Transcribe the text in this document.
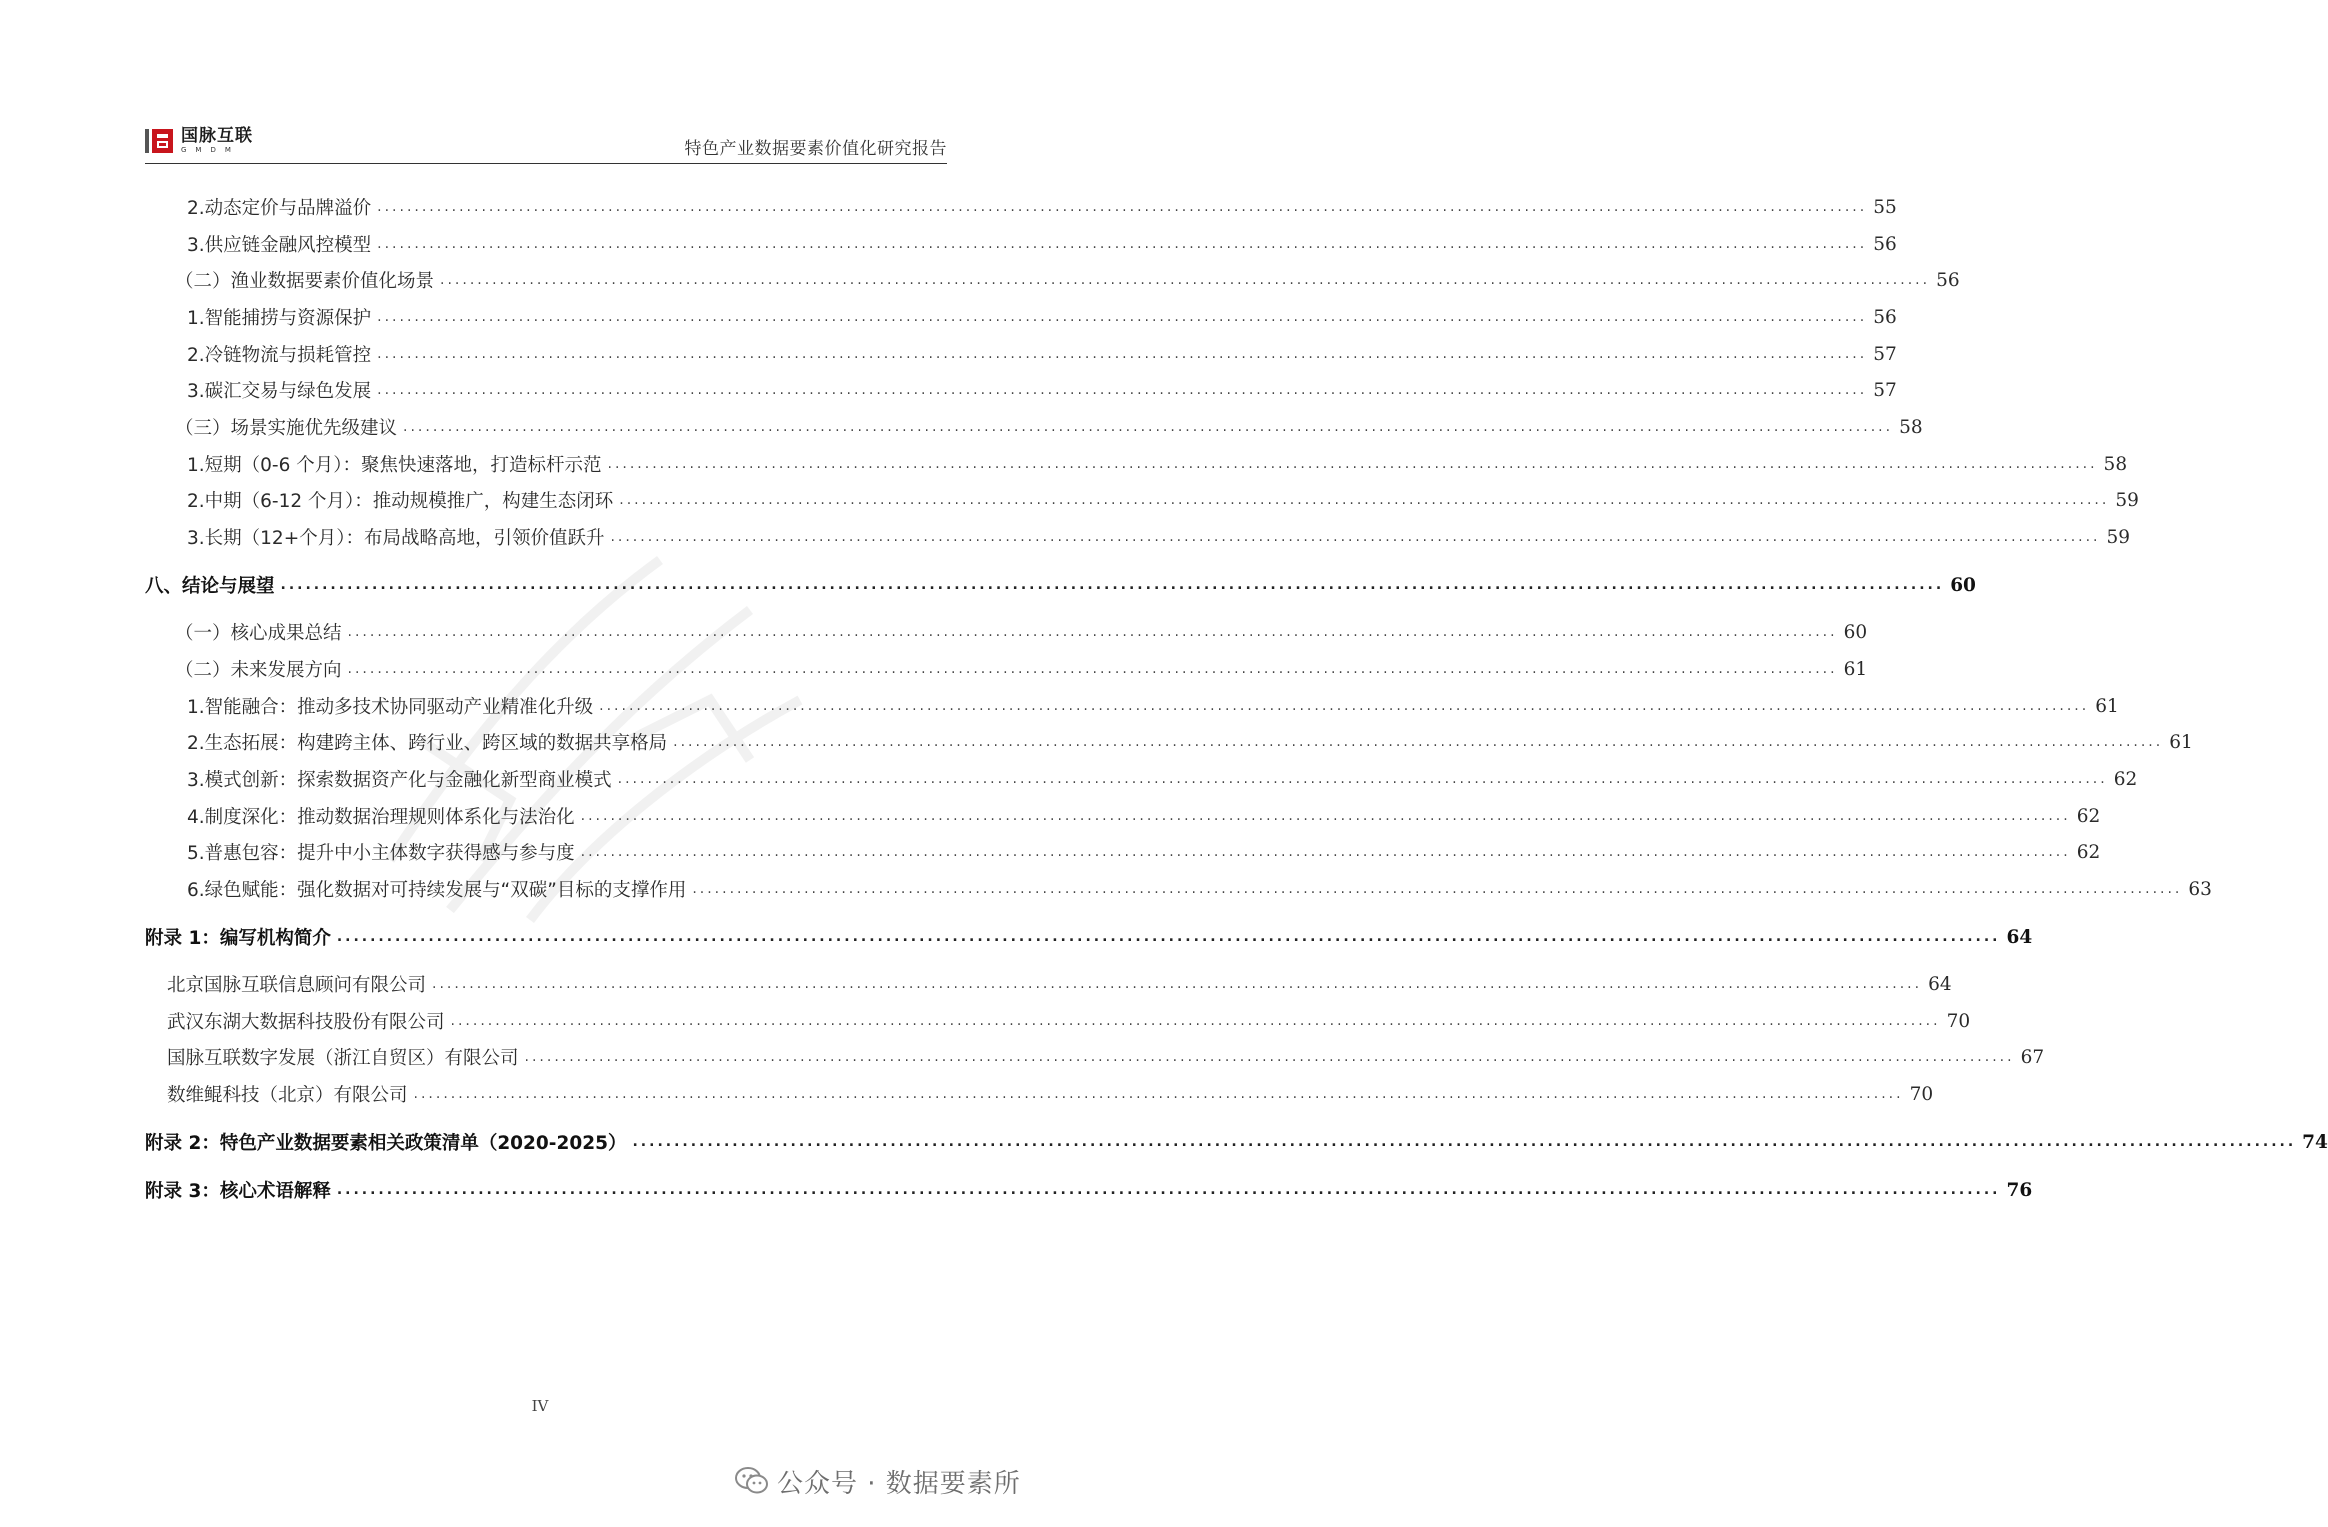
国脉互联
GMDM	特色产业数据要素价值化研究报告
2.动态定价与品牌溢价 ........................................................................................................................................................................................................ 55
3.供应链金融风控模型 ........................................................................................................................................................................................................ 56
（二）渔业数据要素价值化场景 ........................................................................................................................................................................................................ 56
1.智能捕捞与资源保护 ........................................................................................................................................................................................................ 56
2.冷链物流与损耗管控 ........................................................................................................................................................................................................ 57
3.碳汇交易与绿色发展 ........................................................................................................................................................................................................ 57
（三）场景实施优先级建议 ........................................................................................................................................................................................................ 58
1.短期（0-6 个月）：聚焦快速落地，打造标杆示范 ........................................................................................................................................................................................................ 58
2.中期（6-12 个月）：推动规模推广，构建生态闭环 ........................................................................................................................................................................................................ 59
3.长期（12+个月）：布局战略高地，引领价值跃升 ........................................................................................................................................................................................................ 59
八、结论与展望 ........................................................................................................................................................................................................ 60
（一）核心成果总结 ........................................................................................................................................................................................................ 60
（二）未来发展方向 ........................................................................................................................................................................................................ 61
1.智能融合：推动多技术协同驱动产业精准化升级 ........................................................................................................................................................................................................ 61
2.生态拓展：构建跨主体、跨行业、跨区域的数据共享格局 ........................................................................................................................................................................................................ 61
3.模式创新：探索数据资产化与金融化新型商业模式 ........................................................................................................................................................................................................ 62
4.制度深化：推动数据治理规则体系化与法治化 ........................................................................................................................................................................................................ 62
5.普惠包容：提升中小主体数字获得感与参与度 ........................................................................................................................................................................................................ 62
6.绿色赋能：强化数据对可持续发展与“双碳”目标的支撑作用 ........................................................................................................................................................................................................ 63
附录 1：编写机构简介 ........................................................................................................................................................................................................ 64
北京国脉互联信息顾问有限公司 ........................................................................................................................................................................................................ 64
武汉东湖大数据科技股份有限公司 ........................................................................................................................................................................................................ 70
国脉互联数字发展（浙江自贸区）有限公司 ........................................................................................................................................................................................................ 67
数维鲲科技（北京）有限公司 ........................................................................................................................................................................................................ 70
附录 2：特色产业数据要素相关政策清单（2020-2025） ........................................................................................................................................................................................................ 74
附录 3：核心术语解释 ........................................................................................................................................................................................................ 76
IV
公众号 · 数据要素所
